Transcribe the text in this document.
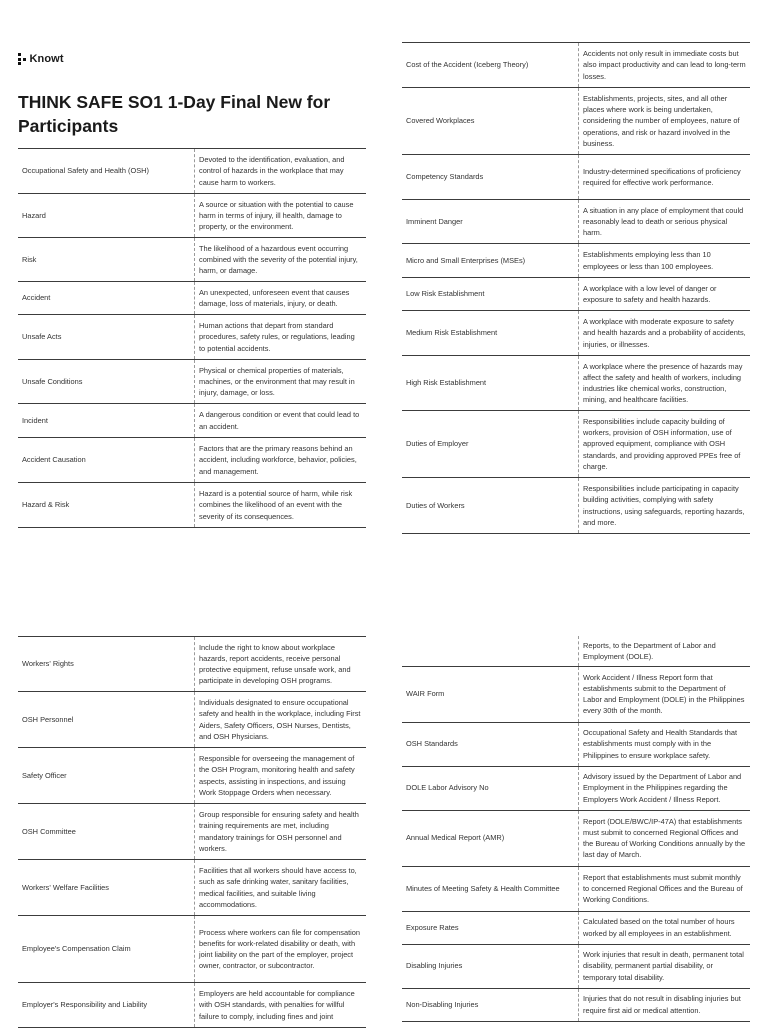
Knowt
THINK SAFE SO1 1-Day Final New for Participants
Occupational Safety and Health (OSH)	Devoted to the identification, evaluation, and control of hazards in the workplace that may cause harm to workers.
Hazard	A source or situation with the potential to cause harm in terms of injury, ill health, damage to property, or the environment.
Risk	The likelihood of a hazardous event occurring combined with the severity of the potential injury, harm, or damage.
Accident	An unexpected, unforeseen event that causes damage, loss of materials, injury, or death.
Unsafe Acts	Human actions that depart from standard procedures, safety rules, or regulations, leading to potential accidents.
Unsafe Conditions	Physical or chemical properties of materials, machines, or the environment that may result in injury, damage, or loss.
Incident	A dangerous condition or event that could lead to an accident.
Accident Causation	Factors that are the primary reasons behind an accident, including workforce, behavior, policies, and management.
Hazard & Risk	Hazard is a potential source of harm, while risk combines the likelihood of an event with the severity of its consequences.
Cost of the Accident (Iceberg Theory)	Accidents not only result in immediate costs but also impact productivity and can lead to long-term losses.
Covered Workplaces	Establishments, projects, sites, and all other places where work is being undertaken, considering the number of employees, nature of operations, and risk or hazard involved in the business.
Competency Standards	Industry-determined specifications of proficiency required for effective work performance.
Imminent Danger	A situation in any place of employment that could reasonably lead to death or serious physical harm.
Micro and Small Enterprises (MSEs)	Establishments employing less than 10 employees or less than 100 employees.
Low Risk Establishment	A workplace with a low level of danger or exposure to safety and health hazards.
Medium Risk Establishment	A workplace with moderate exposure to safety and health hazards and a probability of accidents, injuries, or illnesses.
High Risk Establishment	A workplace where the presence of hazards may affect the safety and health of workers, including industries like chemical works, construction, mining, and healthcare facilities.
Duties of Employer	Responsibilities include capacity building of workers, provision of OSH information, use of approved equipment, compliance with OSH standards, and providing approved PPEs free of charge.
Duties of Workers	Responsibilities include participating in capacity building activities, complying with safety instructions, using safeguards, reporting hazards, and more.
Workers' Rights	Include the right to know about workplace hazards, report accidents, receive personal protective equipment, refuse unsafe work, and participate in developing OSH programs.
OSH Personnel	Individuals designated to ensure occupational safety and health in the workplace, including First Aiders, Safety Officers, OSH Nurses, Dentists, and OSH Physicians.
Safety Officer	Responsible for overseeing the management of the OSH Program, monitoring health and safety aspects, assisting in inspections, and issuing Work Stoppage Orders when necessary.
OSH Committee	Group responsible for ensuring safety and health training requirements are met, including mandatory trainings for OSH personnel and workers.
Workers' Welfare Facilities	Facilities that all workers should have access to, such as safe drinking water, sanitary facilities, medical facilities, and suitable living accommodations.
Employee's Compensation Claim	Process where workers can file for compensation benefits for work-related disability or death, with joint liability on the part of the employer, project owner, contractor, or subcontractor.
Employer's Responsibility and Liability	Employers are held accountable for compliance with OSH standards, with penalties for willful failure to comply, including fines and joint
	Reports, to the Department of Labor and Employment (DOLE).
WAIR Form	Work Accident / Illness Report form that establishments submit to the Department of Labor and Employment (DOLE) in the Philippines every 30th of the month.
OSH Standards	Occupational Safety and Health Standards that establishments must comply with in the Philippines to ensure workplace safety.
DOLE Labor Advisory No	Advisory issued by the Department of Labor and Employment in the Philippines regarding the Employers Work Accident / Illness Report.
Annual Medical Report (AMR)	Report (DOLE/BWC/IP-47A) that establishments must submit to concerned Regional Offices and the Bureau of Working Conditions annually by the last day of March.
Minutes of Meeting Safety & Health Committee	Report that establishments must submit monthly to concerned Regional Offices and the Bureau of Working Conditions.
Exposure Rates	Calculated based on the total number of hours worked by all employees in an establishment.
Disabling Injuries	Work injuries that result in death, permanent total disability, permanent partial disability, or temporary total disability.
Non-Disabling Injuries	Injuries that do not result in disabling injuries but require first aid or medical attention.
